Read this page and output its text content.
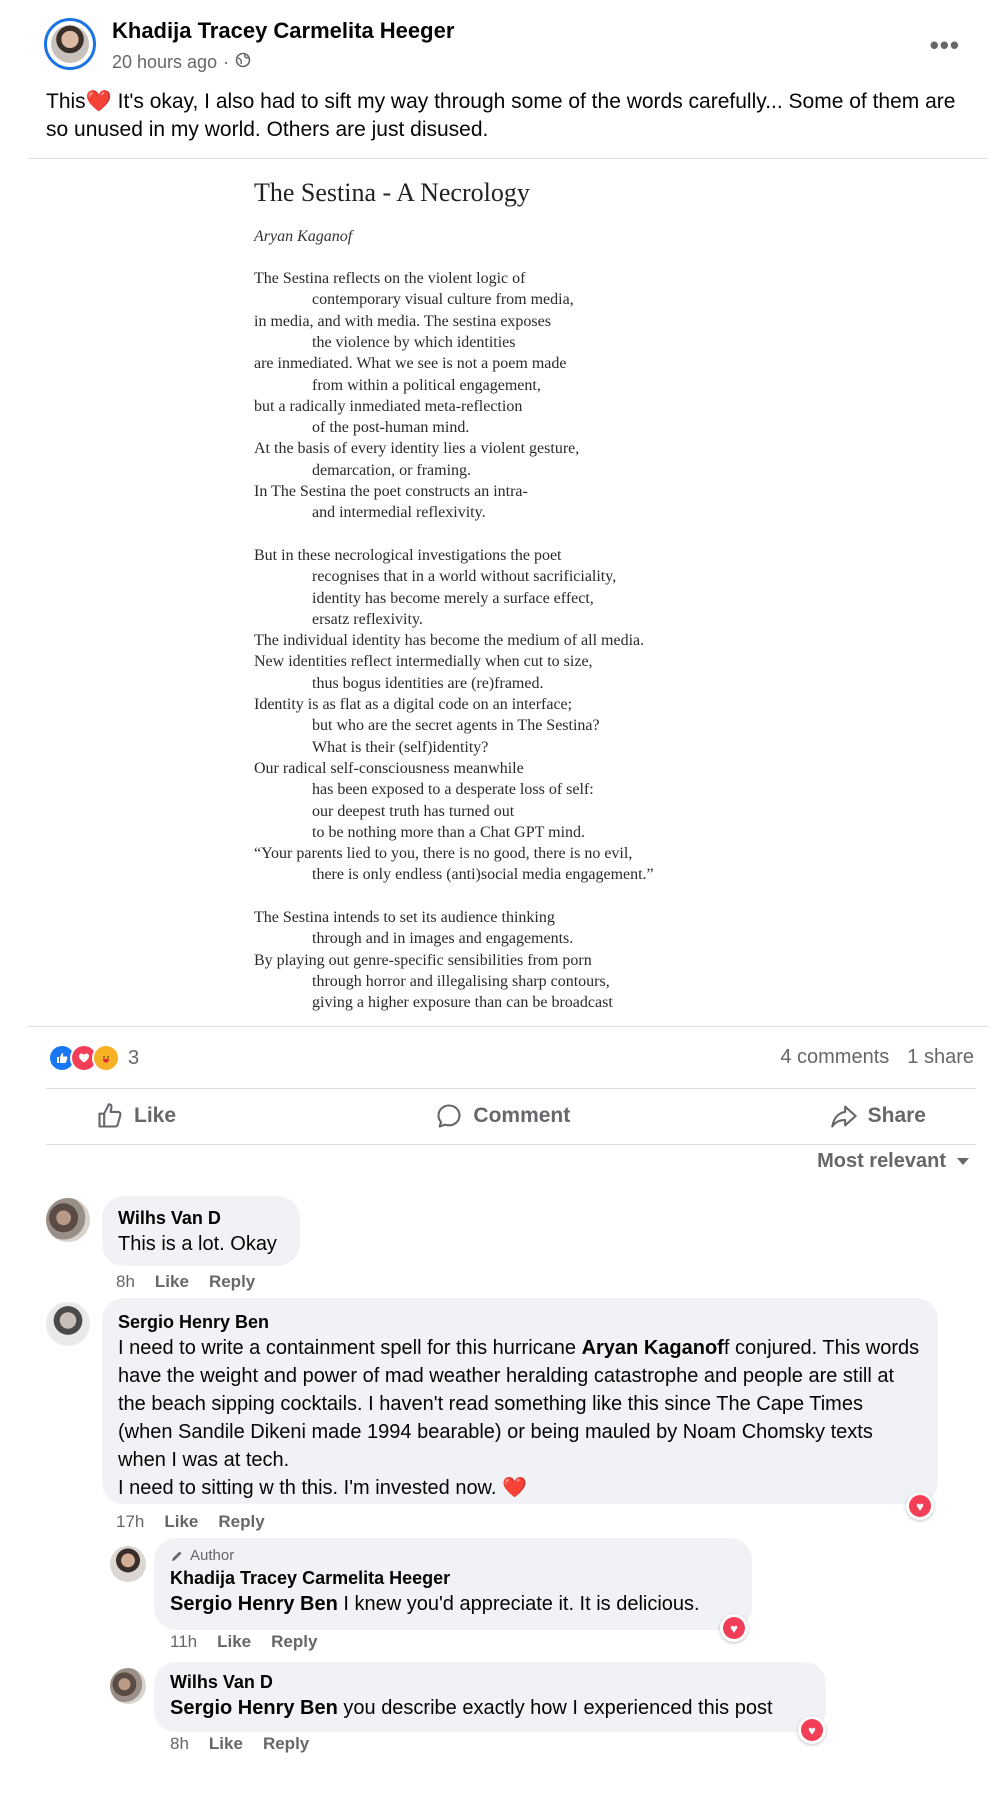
Khadija Tracey Carmelita Heeger
20 hours ago ·
•••
This❤️ It's okay, I also had to sift my way through some of the words carefully... Some of them are so unused in my world. Others are just disused.
The Sestina - A Necrology
Aryan Kaganof
The Sestina reflects on the violent logic of
contemporary visual culture from media,
in media, and with media. The sestina exposes
the violence by which identities
are inmediated. What we see is not a poem made
from within a political engagement,
but a radically inmediated meta-reflection
of the post-human mind.
At the basis of every identity lies a violent gesture,
demarcation, or framing.
In The Sestina the poet constructs an intra-
and intermedial reflexivity.
But in these necrological investigations the poet
recognises that in a world without sacrificiality,
identity has become merely a surface effect,
ersatz reflexivity.
The individual identity has become the medium of all media.
New identities reflect intermedially when cut to size,
thus bogus identities are (re)framed.
Identity is as flat as a digital code on an interface;
but who are the secret agents in The Sestina?
What is their (self)identity?
Our radical self-consciousness meanwhile
has been exposed to a desperate loss of self:
our deepest truth has turned out
to be nothing more than a Chat GPT mind.
“Your parents lied to you, there is no good, there is no evil,
there is only endless (anti)social media engagement.”
The Sestina intends to set its audience thinking
through and in images and engagements.
By playing out genre-specific sensibilities from porn
through horror and illegalising sharp contours,
giving a higher exposure than can be broadcast
3	4 comments 1 share
Like	Comment	Share
Most relevant
Wilhs Van D
This is a lot. Okay
8h Like Reply
Sergio Henry Ben
I need to write a containment spell for this hurricane Aryan Kaganoff conjured. This words have the weight and power of mad weather heralding catastrophe and people are still at the beach sipping cocktails. I haven't read something like this since The Cape Times (when Sandile Dikeni made 1994 bearable) or being mauled by Noam Chomsky texts when I was at tech.
I need to sitting w th this. I'm invested now. ❤️
♥
17h Like Reply
Author
Khadija Tracey Carmelita Heeger
Sergio Henry Ben I knew you'd appreciate it. It is delicious.
♥
11h Like Reply
Wilhs Van D
Sergio Henry Ben you describe exactly how I experienced this post
♥
8h Like Reply
